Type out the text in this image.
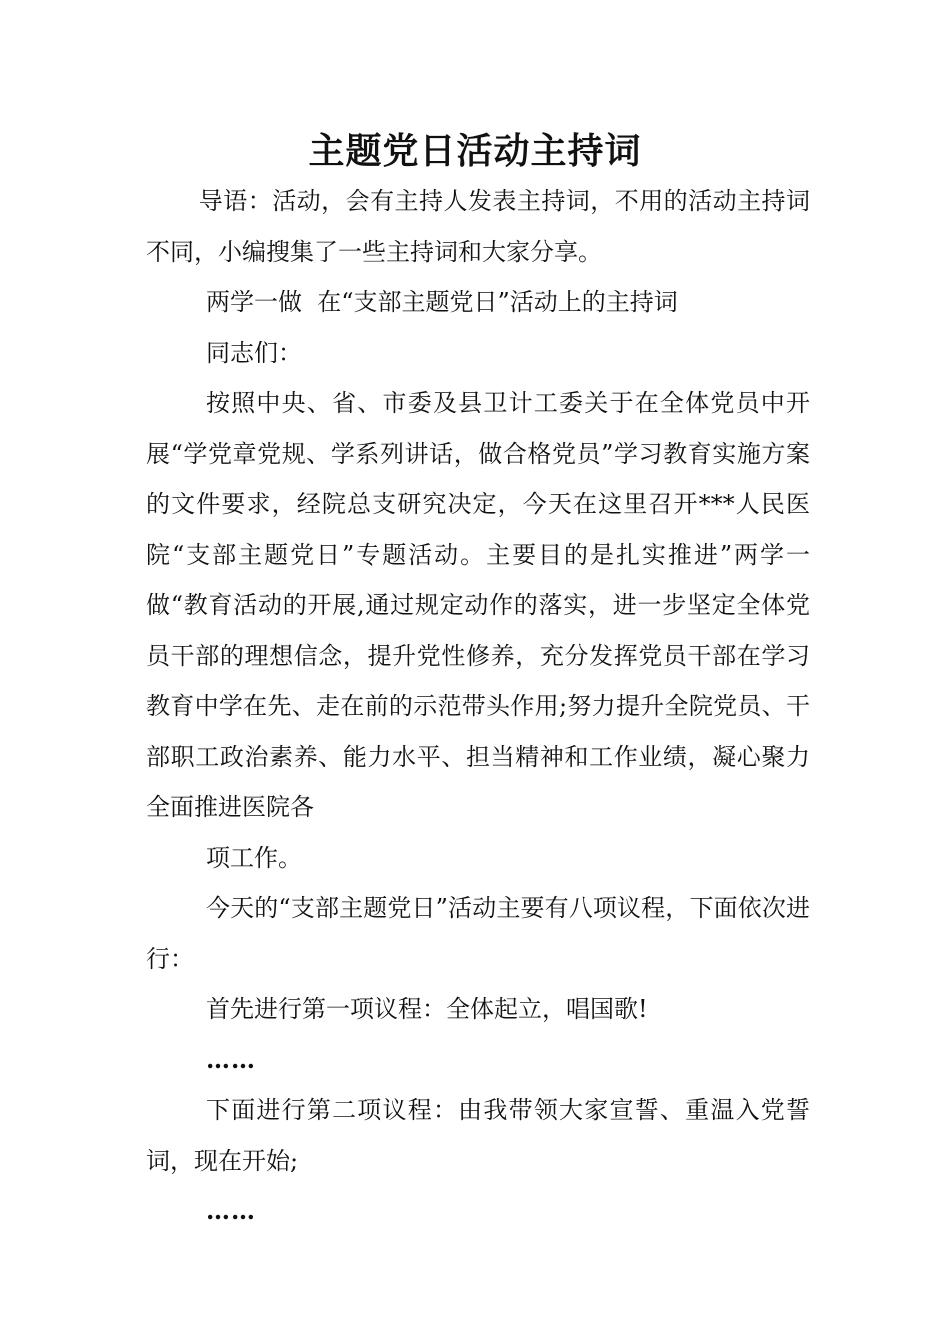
主题党日活动主持词

导语：活动，会有主持人发表主持词，不用的活动主持词不同，小编搜集了一些主持词和大家分享。

两学一做  在“支部主题党日”活动上的主持词

同志们：

按照中央、省、市委及县卫计工委关于在全体党员中开展“学党章党规、学系列讲话，做合格党员”学习教育实施方案的文件要求，经院总支研究决定，今天在这里召开***人民医院“支部主题党日”专题活动。主要目的是扎实推进”两学一做“教育活动的开展,通过规定动作的落实，进一步坚定全体党员干部的理想信念，提升党性修养，充分发挥党员干部在学习教育中学在先、走在前的示范带头作用;努力提升全院党员、干部职工政治素养、能力水平、担当精神和工作业绩，凝心聚力全面推进医院各

项工作。

今天的“支部主题党日”活动主要有八项议程，下面依次进行：

首先进行第一项议程：全体起立，唱国歌!

……

下面进行第二项议程：由我带领大家宣誓、重温入党誓词，现在开始;

……
